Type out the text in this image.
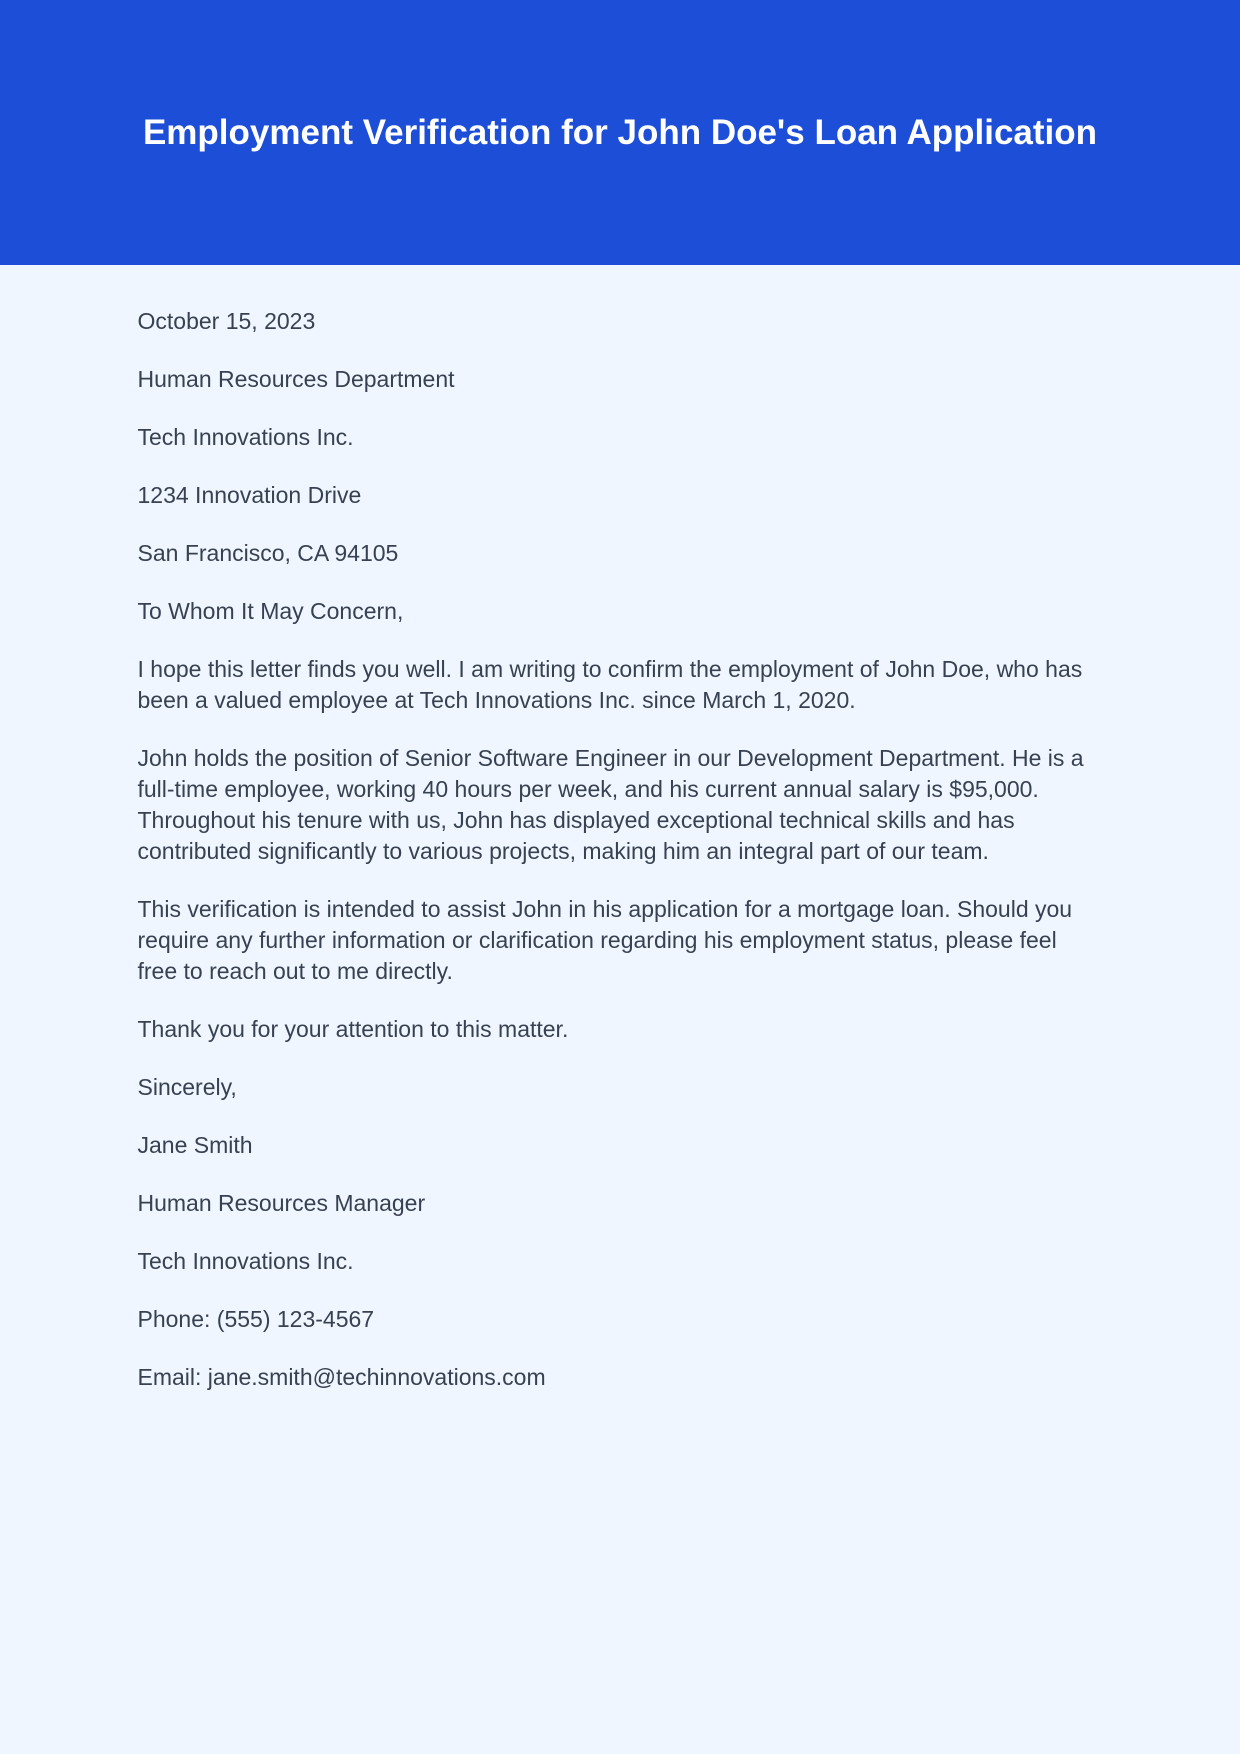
Employment Verification for John Doe's Loan Application

October 15, 2023

Human Resources Department

Tech Innovations Inc.

1234 Innovation Drive

San Francisco, CA 94105

To Whom It May Concern,

I hope this letter finds you well. I am writing to confirm the employment of John Doe, who has been a valued employee at Tech Innovations Inc. since March 1, 2020.

John holds the position of Senior Software Engineer in our Development Department. He is a full-time employee, working 40 hours per week, and his current annual salary is $95,000. Throughout his tenure with us, John has displayed exceptional technical skills and has contributed significantly to various projects, making him an integral part of our team.

This verification is intended to assist John in his application for a mortgage loan. Should you require any further information or clarification regarding his employment status, please feel free to reach out to me directly.

Thank you for your attention to this matter.

Sincerely,

Jane Smith

Human Resources Manager

Tech Innovations Inc.

Phone: (555) 123-4567

Email: jane.smith@techinnovations.com
